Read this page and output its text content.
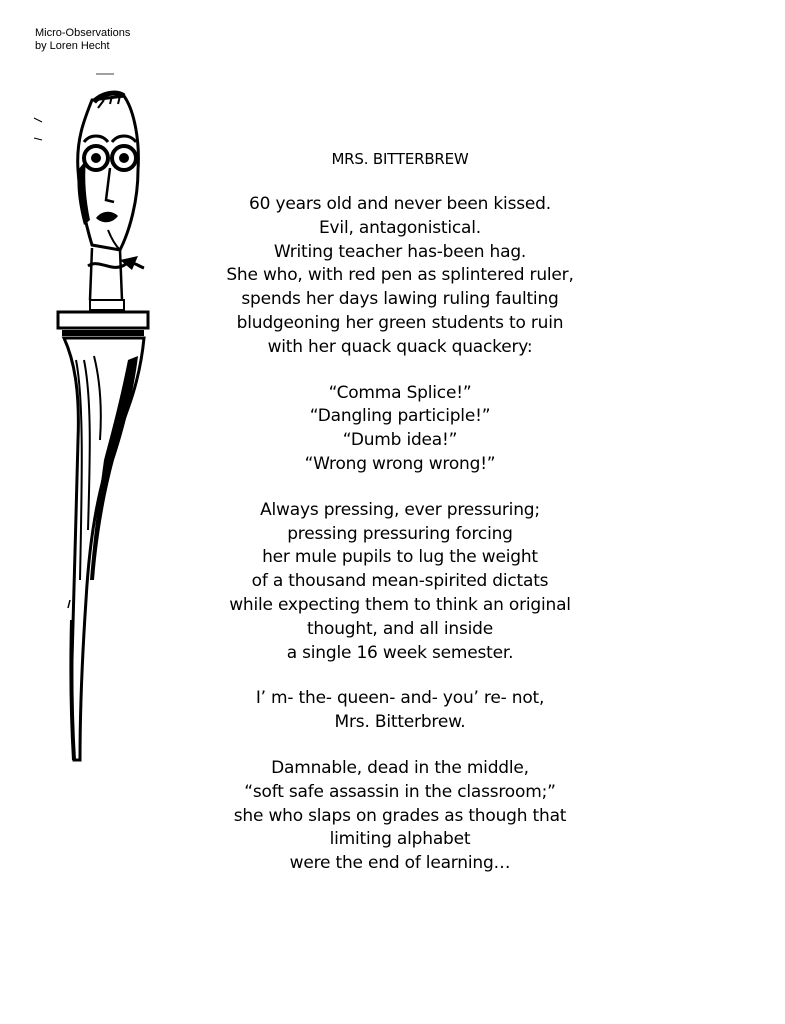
Micro-Observations
by Loren Hecht
MRS. BITTERBREW
60 years old and never been kissed.
Evil, antagonistical.
Writing teacher has-been hag.
She who, with red pen as splintered ruler,
spends her days lawing ruling faulting
bludgeoning her green students to ruin
with her quack quack quackery:
“Comma Splice!”
“Dangling participle!”
“Dumb idea!”
“Wrong wrong wrong!”
Always pressing, ever pressuring;
pressing pressuring forcing
her mule pupils to lug the weight
of a thousand mean-spirited dictats
while expecting them to think an original
thought, and all inside
a single 16 week semester.
I’ m- the- queen- and- you’ re- not,
Mrs. Bitterbrew.
Damnable, dead in the middle,
“soft safe assassin in the classroom;”
she who slaps on grades as though that
limiting alphabet
were the end of learning…
